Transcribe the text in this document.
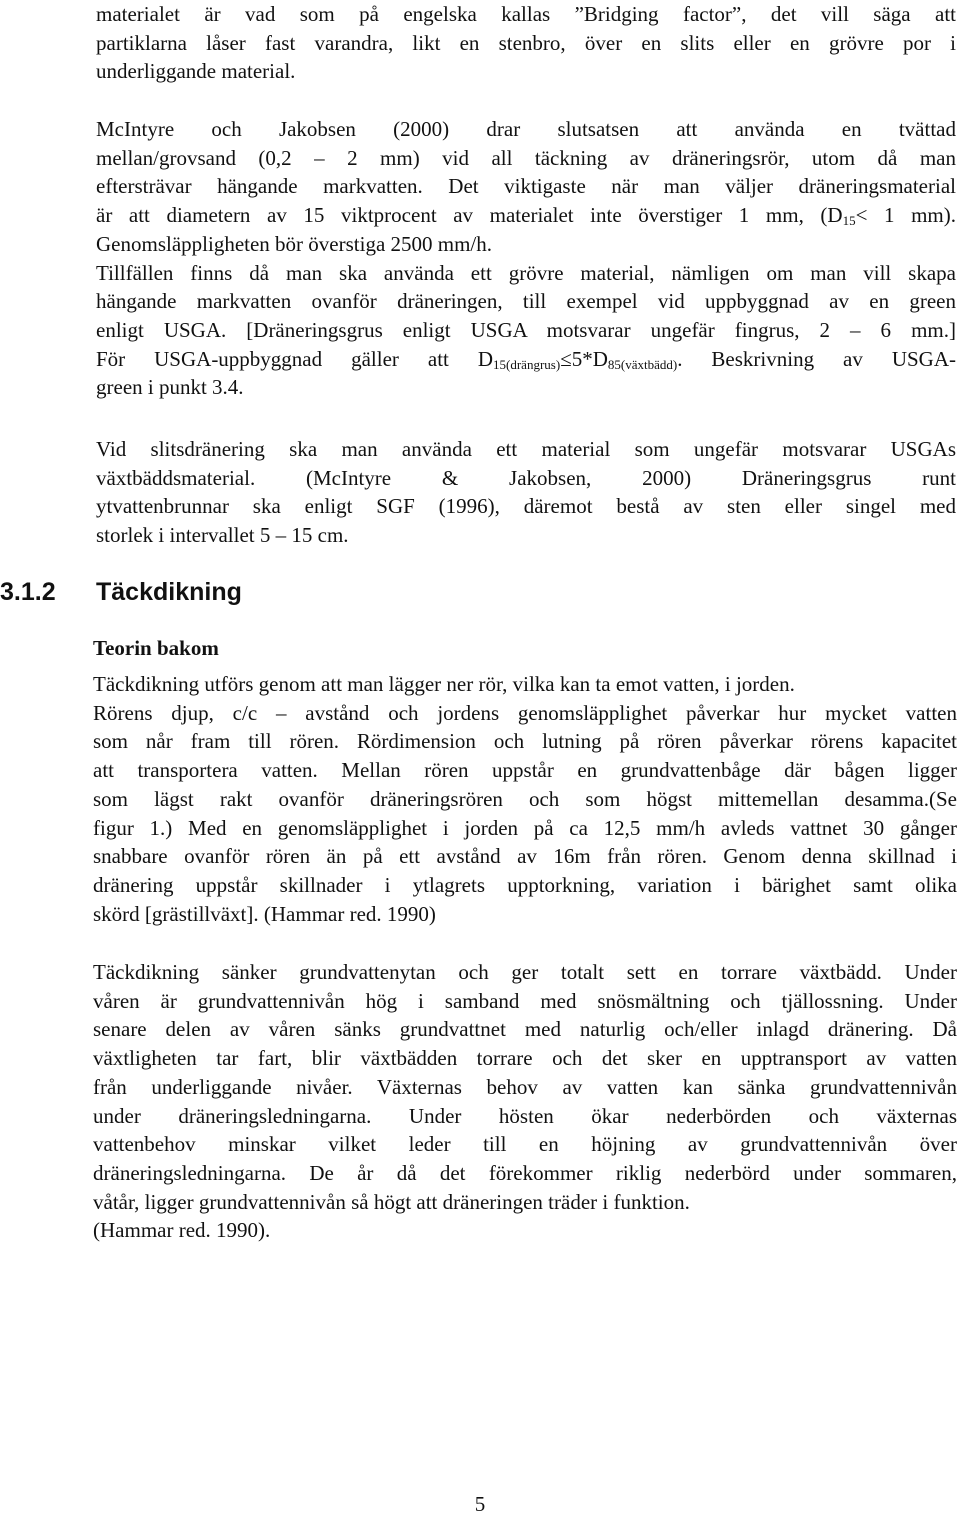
materialet är vad som på engelska kallas ”Bridging factor”, det vill säga att
partiklarna låser fast varandra, likt en stenbro, över en slits eller en grövre por i
underliggande material.
McIntyre och Jakobsen (2000) drar slutsatsen att använda en tvättad
mellan/grovsand (0,2 – 2 mm) vid all täckning av dräneringsrör, utom då man
eftersträvar hängande markvatten. Det viktigaste när man väljer dräneringsmaterial
är att diametern av 15 viktprocent av materialet inte överstiger 1 mm, ($D_{15}< 1$ mm).
Genomsläppligheten bör överstiga 2500 mm/h.
Tillfällen finns då man ska använda ett grövre material, nämligen om man vill skapa
hängande markvatten ovanför dräneringen, till exempel vid uppbyggnad av en green
enligt USGA. [Dräneringsgrus enligt USGA motsvarar ungefär fingrus, 2 – 6 mm.]
För USGA-uppbyggnad gäller att $D_{15(drängrus)}\le 5*D_{85(växtbädd)}$. Beskrivning av USGA-
green i punkt 3.4.
Vid slitsdränering ska man använda ett material som ungefär motsvarar USGAs
växtbäddsmaterial. (McIntyre & Jakobsen, 2000) Dräneringsgrus runt
ytvattenbrunnar ska enligt SGF (1996), däremot bestå av sten eller singel med
storlek i intervallet 5 – 15 cm.
3.1.2 Täckdikning
Teorin bakom
Täckdikning utförs genom att man lägger ner rör, vilka kan ta emot vatten, i jorden.
Rörens djup, c/c – avstånd och jordens genomsläpplighet påverkar hur mycket vatten
som når fram till rören. Rördimension och lutning på rören påverkar rörens kapacitet
att transportera vatten. Mellan rören uppstår en grundvattenbåge där bågen ligger
som lägst rakt ovanför dräneringsrören och som högst mittemellan desamma.(Se
figur 1.) Med en genomsläpplighet i jorden på ca 12,5 mm/h avleds vattnet 30 gånger
snabbare ovanför rören än på ett avstånd av 16m från rören. Genom denna skillnad i
dränering uppstår skillnader i ytlagrets upptorkning, variation i bärighet samt olika
skörd [grästillväxt]. (Hammar red. 1990)
Täckdikning sänker grundvattenytan och ger totalt sett en torrare växtbädd. Under
våren är grundvattennivån hög i samband med snösmältning och tjällossning. Under
senare delen av våren sänks grundvattnet med naturlig och/eller inlagd dränering. Då
växtligheten tar fart, blir växtbädden torrare och det sker en upptransport av vatten
från underliggande nivåer. Växternas behov av vatten kan sänka grundvattennivån
under dräneringsledningarna. Under hösten ökar nederbörden och växternas
vattenbehov minskar vilket leder till en höjning av grundvattennivån över
dräneringsledningarna. De år då det förekommer riklig nederbörd under sommaren,
våtår, ligger grundvattennivån så högt att dräneringen träder i funktion.
(Hammar red. 1990).
5
